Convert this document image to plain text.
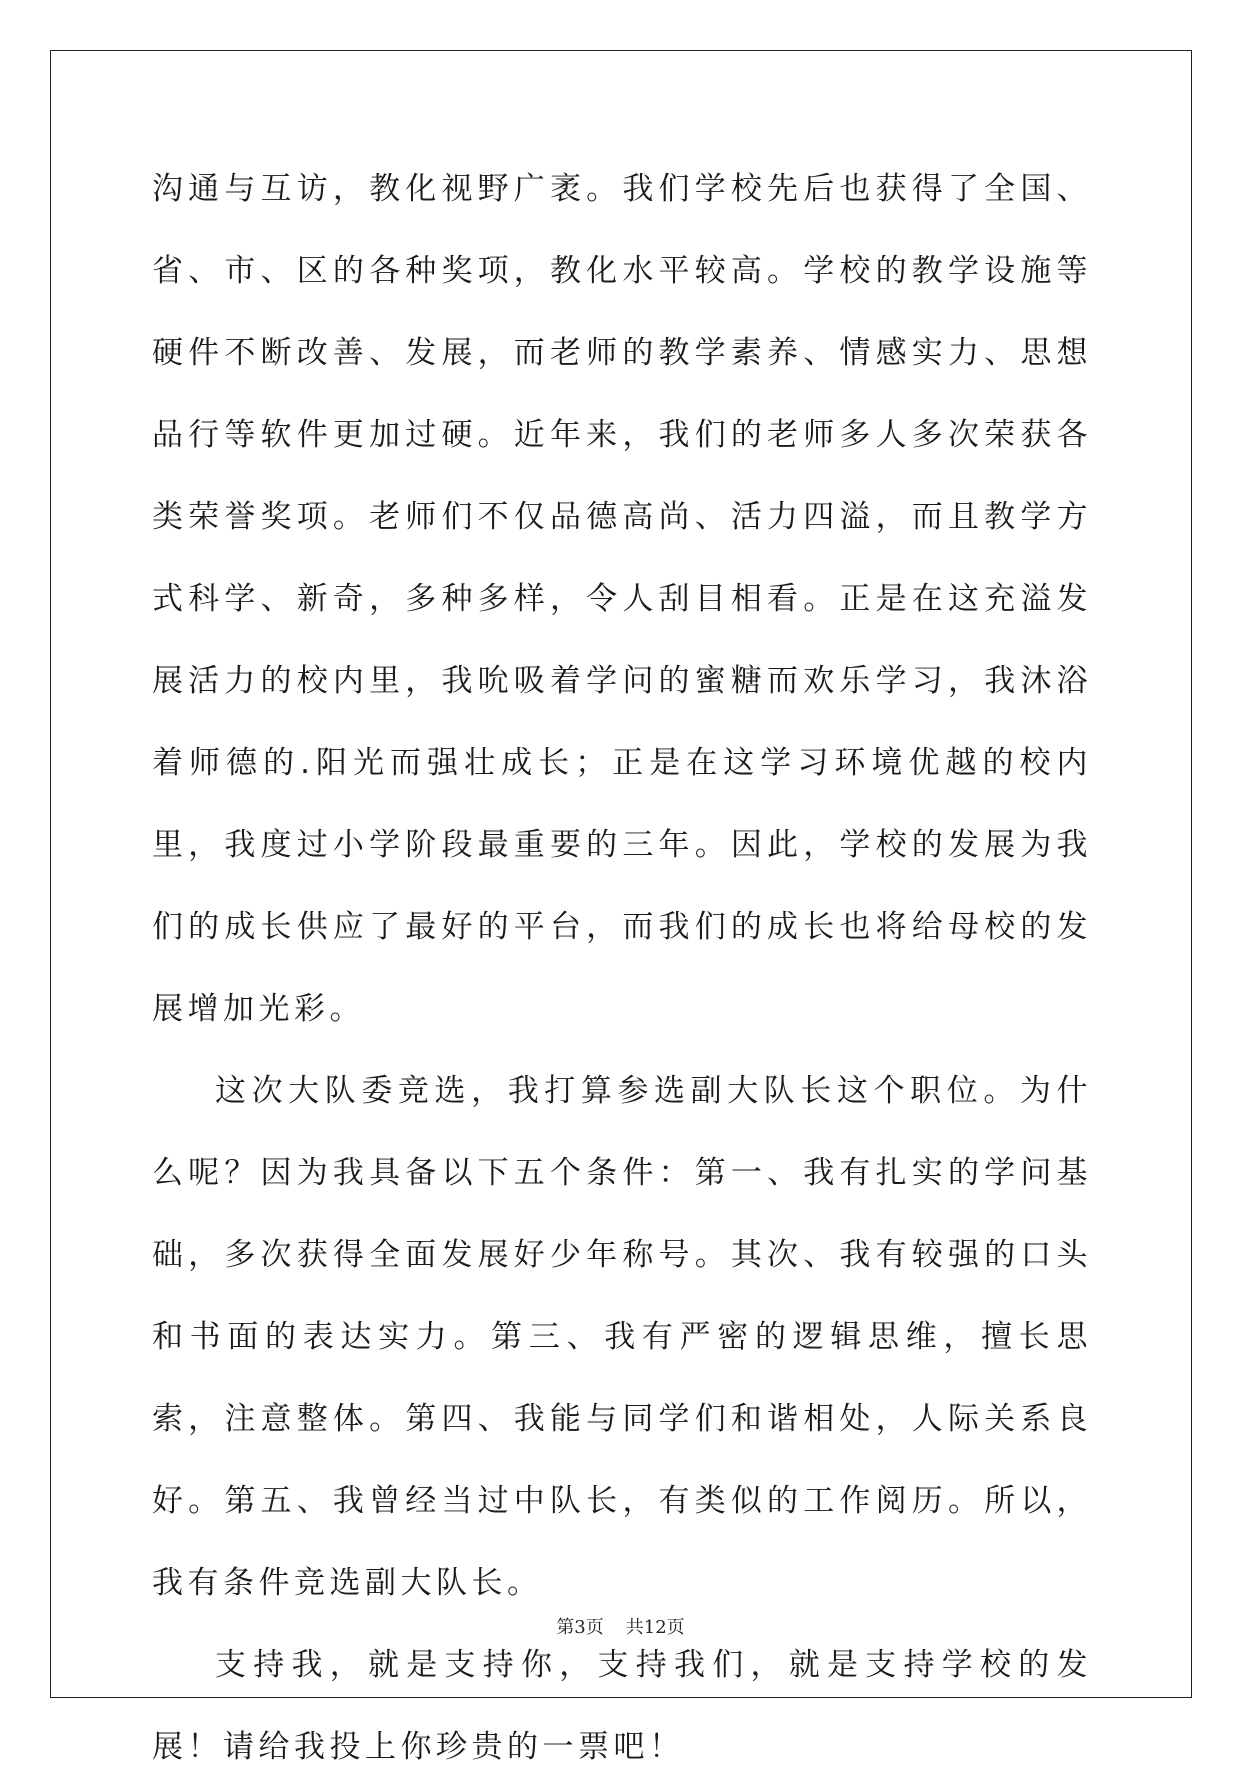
沟通与互访，教化视野广袤。我们学校先后也获得了全国、省、市、区的各种奖项，教化水平较高。学校的教学设施等硬件不断改善、发展，而老师的教学素养、情感实力、思想品行等软件更加过硬。近年来，我们的老师多人多次荣获各类荣誉奖项。老师们不仅品德高尚、活力四溢，而且教学方式科学、新奇，多种多样，令人刮目相看。正是在这充溢发展活力的校内里，我吮吸着学问的蜜糖而欢乐学习，我沐浴着师德的.阳光而强壮成长；正是在这学习环境优越的校内里，我度过小学阶段最重要的三年。因此，学校的发展为我们的成长供应了最好的平台，而我们的成长也将给母校的发展增加光彩。

这次大队委竞选，我打算参选副大队长这个职位。为什么呢？因为我具备以下五个条件：第一、我有扎实的学问基础，多次获得全面发展好少年称号。其次、我有较强的口头和书面的表达实力。第三、我有严密的逻辑思维，擅长思索，注意整体。第四、我能与同学们和谐相处，人际关系良好。第五、我曾经当过中队长，有类似的工作阅历。所以，我有条件竞选副大队长。

支持我，就是支持你，支持我们，就是支持学校的发展！请给我投上你珍贵的一票吧！

第3页 共12页
